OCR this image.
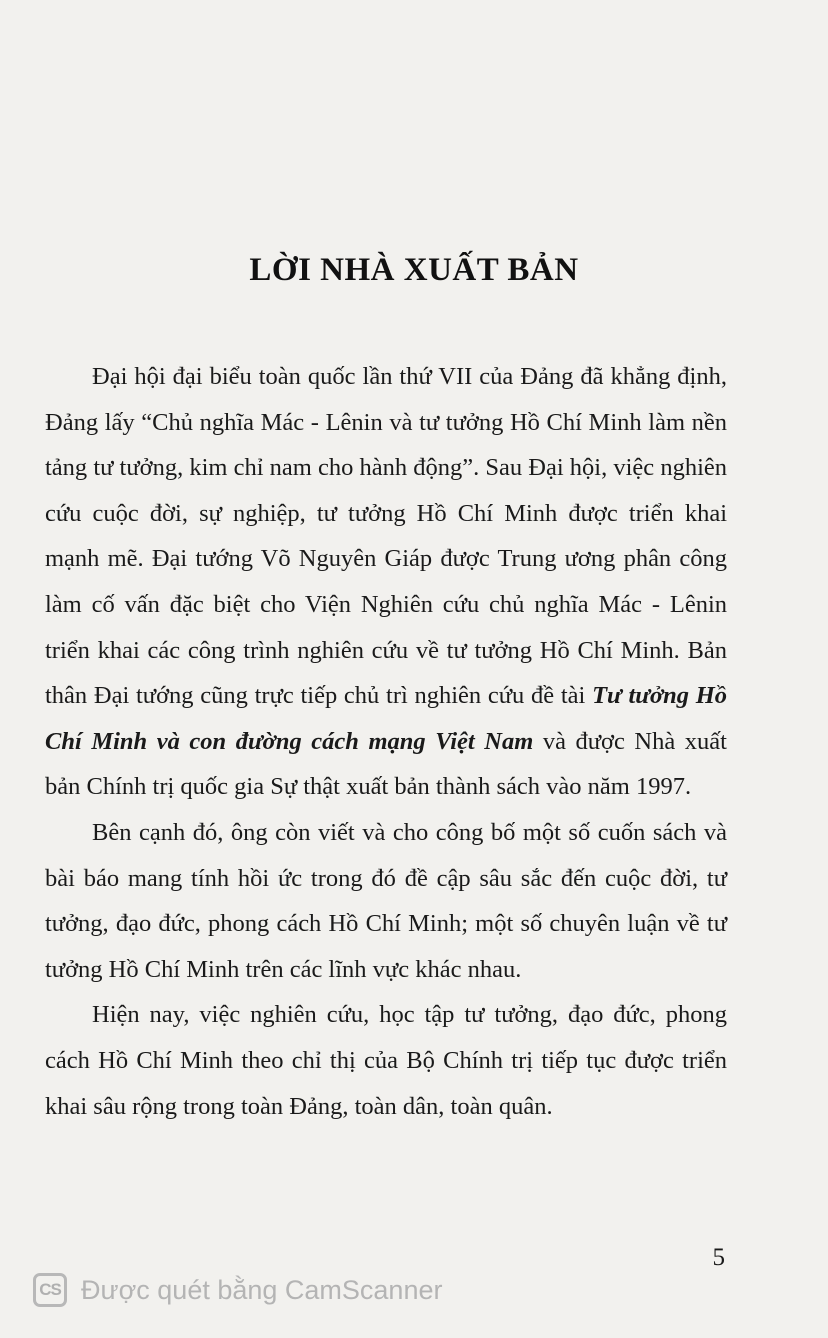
LỜI NHÀ XUẤT BẢN

Đại hội đại biểu toàn quốc lần thứ VII của Đảng đã khẳng định, Đảng lấy “Chủ nghĩa Mác - Lênin và tư tưởng Hồ Chí Minh làm nền tảng tư tưởng, kim chỉ nam cho hành động”. Sau Đại hội, việc nghiên cứu cuộc đời, sự nghiệp, tư tưởng Hồ Chí Minh được triển khai mạnh mẽ. Đại tướng Võ Nguyên Giáp được Trung ương phân công làm cố vấn đặc biệt cho Viện Nghiên cứu chủ nghĩa Mác - Lênin triển khai các công trình nghiên cứu về tư tưởng Hồ Chí Minh. Bản thân Đại tướng cũng trực tiếp chủ trì nghiên cứu đề tài Tư tưởng Hồ Chí Minh và con đường cách mạng Việt Nam và được Nhà xuất bản Chính trị quốc gia Sự thật xuất bản thành sách vào năm 1997.

Bên cạnh đó, ông còn viết và cho công bố một số cuốn sách và bài báo mang tính hồi ức trong đó đề cập sâu sắc đến cuộc đời, tư tưởng, đạo đức, phong cách Hồ Chí Minh; một số chuyên luận về tư tưởng Hồ Chí Minh trên các lĩnh vực khác nhau.

Hiện nay, việc nghiên cứu, học tập tư tưởng, đạo đức, phong cách Hồ Chí Minh theo chỉ thị của Bộ Chính trị tiếp tục được triển khai sâu rộng trong toàn Đảng, toàn dân, toàn quân.

5
CS Được quét bằng CamScanner
